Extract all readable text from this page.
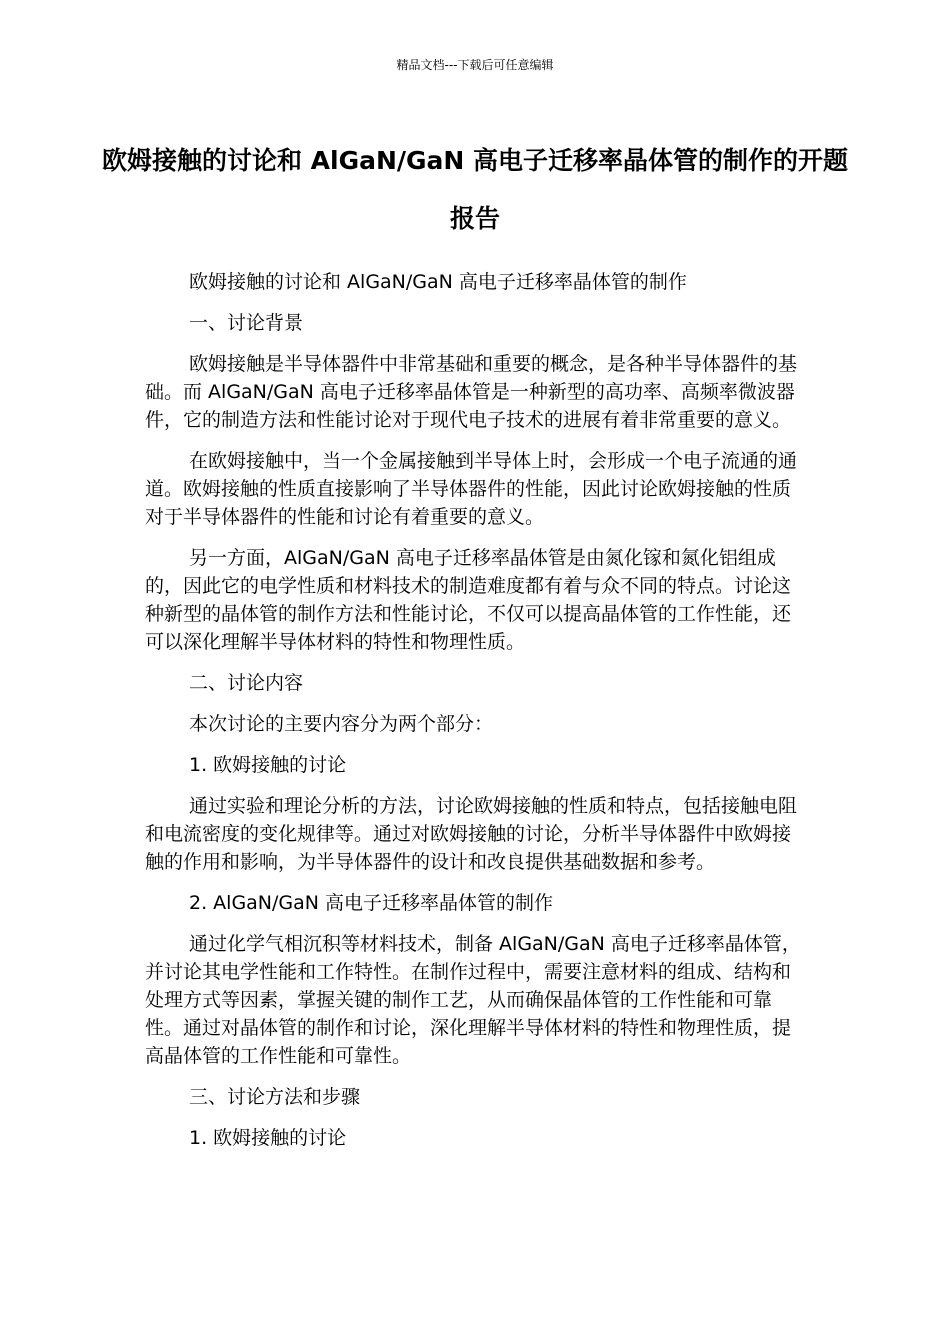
精品文档---下载后可任意编辑
欧姆接触的讨论和 AlGaN/GaN 高电子迁移率晶体管的制作的开题报告

欧姆接触的讨论和 AlGaN/GaN 高电子迁移率晶体管的制作

一、讨论背景

欧姆接触是半导体器件中非常基础和重要的概念，是各种半导体器件的基础。而 AlGaN/GaN 高电子迁移率晶体管是一种新型的高功率、高频率微波器件，它的制造方法和性能讨论对于现代电子技术的进展有着非常重要的意义。

在欧姆接触中，当一个金属接触到半导体上时，会形成一个电子流通的通道。欧姆接触的性质直接影响了半导体器件的性能，因此讨论欧姆接触的性质对于半导体器件的性能和讨论有着重要的意义。

另一方面，AlGaN/GaN 高电子迁移率晶体管是由氮化镓和氮化铝组成的，因此它的电学性质和材料技术的制造难度都有着与众不同的特点。讨论这种新型的晶体管的制作方法和性能讨论，不仅可以提高晶体管的工作性能，还可以深化理解半导体材料的特性和物理性质。

二、讨论内容

本次讨论的主要内容分为两个部分：

1. 欧姆接触的讨论

通过实验和理论分析的方法，讨论欧姆接触的性质和特点，包括接触电阻和电流密度的变化规律等。通过对欧姆接触的讨论，分析半导体器件中欧姆接触的作用和影响，为半导体器件的设计和改良提供基础数据和参考。

2. AlGaN/GaN 高电子迁移率晶体管的制作

通过化学气相沉积等材料技术，制备 AlGaN/GaN 高电子迁移率晶体管，并讨论其电学性能和工作特性。在制作过程中，需要注意材料的组成、结构和处理方式等因素，掌握关键的制作工艺，从而确保晶体管的工作性能和可靠性。通过对晶体管的制作和讨论，深化理解半导体材料的特性和物理性质，提高晶体管的工作性能和可靠性。

三、讨论方法和步骤

1. 欧姆接触的讨论
